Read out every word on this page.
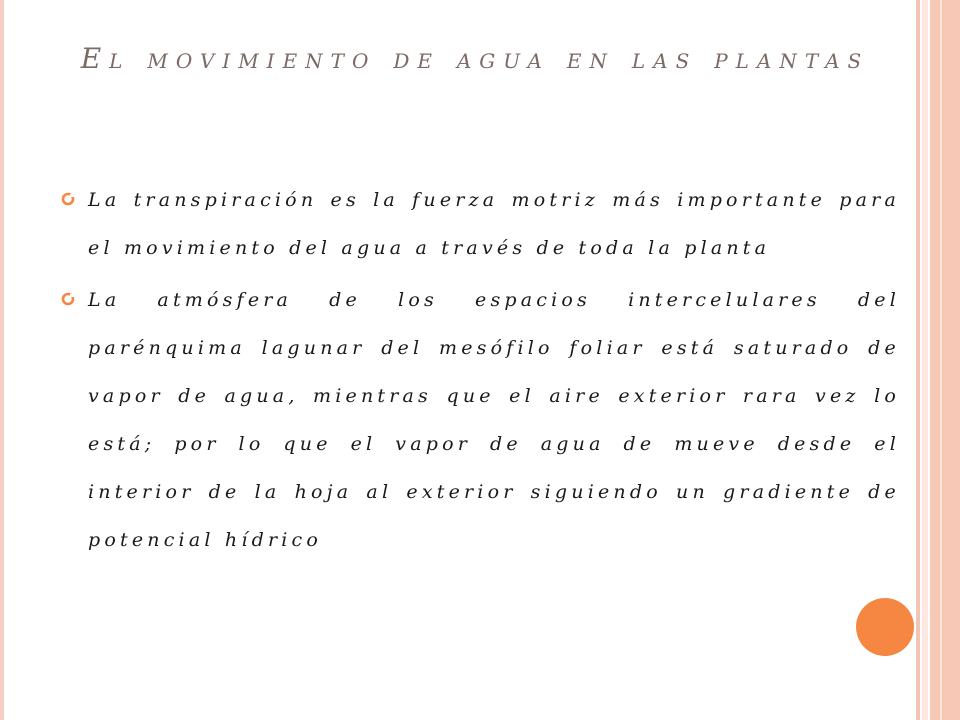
El movimiento de agua en las plantas

La transpiración es la fuerza motriz más importante para el movimiento del agua a través de toda la planta

La atmósfera de los espacios intercelulares del parénquima lagunar del mesófilo foliar está saturado de vapor de agua, mientras que el aire exterior rara vez lo está; por lo que el vapor de agua de mueve desde el interior de la hoja al exterior siguiendo un gradiente de potencial hídrico
